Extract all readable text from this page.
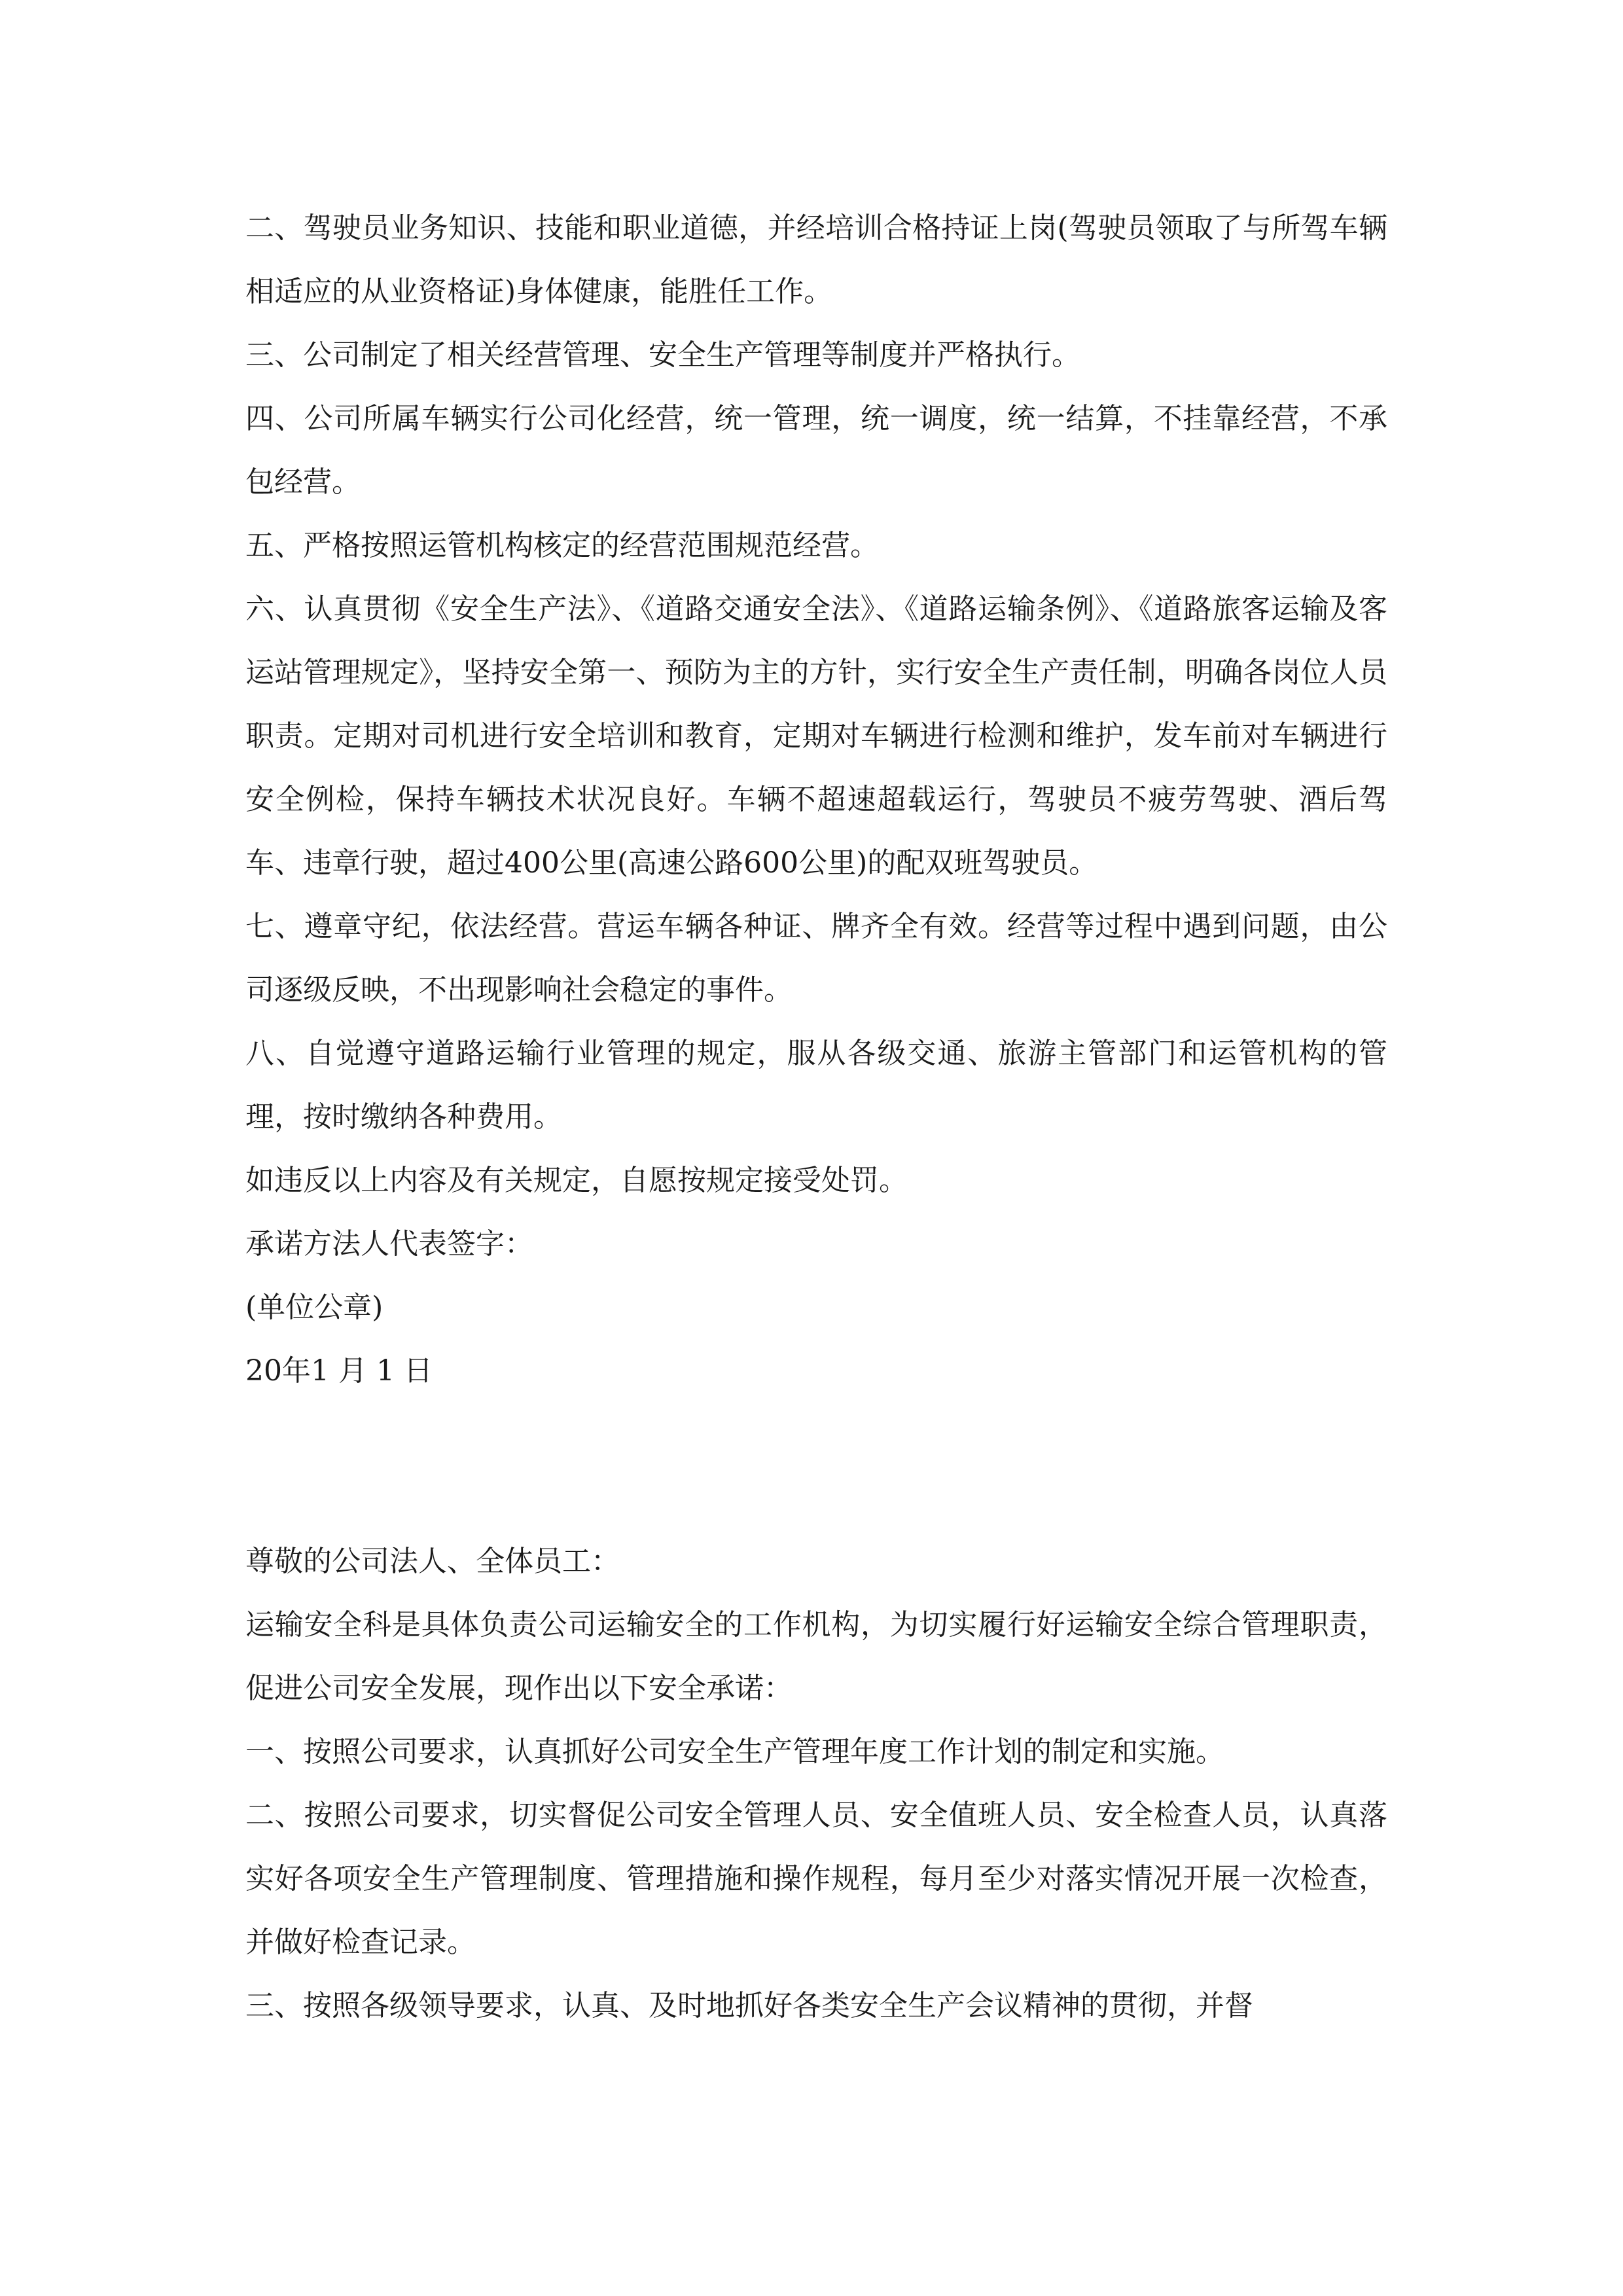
二、驾驶员业务知识、技能和职业道德，并经培训合格持证上岗(驾驶员领取了与所驾车辆相适应的从业资格证)身体健康，能胜任工作。

三、公司制定了相关经营管理、安全生产管理等制度并严格执行。

四、公司所属车辆实行公司化经营，统一管理，统一调度，统一结算，不挂靠经营，不承包经营。

五、严格按照运管机构核定的经营范围规范经营。

六、认真贯彻《安全生产法》、《道路交通安全法》、《道路运输条例》、《道路旅客运输及客运站管理规定》，坚持安全第一、预防为主的方针，实行安全生产责任制，明确各岗位人员职责。定期对司机进行安全培训和教育，定期对车辆进行检测和维护，发车前对车辆进行安全例检，保持车辆技术状况良好。车辆不超速超载运行，驾驶员不疲劳驾驶、酒后驾车、违章行驶，超过400公里(高速公路600公里)的配双班驾驶员。

七、遵章守纪，依法经营。营运车辆各种证、牌齐全有效。经营等过程中遇到问题，由公司逐级反映，不出现影响社会稳定的事件。

八、自觉遵守道路运输行业管理的规定，服从各级交通、旅游主管部门和运管机构的管理，按时缴纳各种费用。

如违反以上内容及有关规定，自愿按规定接受处罚。

承诺方法人代表签字：

(单位公章)

20年1 月 1 日

尊敬的公司法人、全体员工：

运输安全科是具体负责公司运输安全的工作机构，为切实履行好运输安全综合管理职责，促进公司安全发展，现作出以下安全承诺：

一、按照公司要求，认真抓好公司安全生产管理年度工作计划的制定和实施。

二、按照公司要求，切实督促公司安全管理人员、安全值班人员、安全检查人员，认真落实好各项安全生产管理制度、管理措施和操作规程，每月至少对落实情况开展一次检查，并做好检查记录。

三、按照各级领导要求，认真、及时地抓好各类安全生产会议精神的贯彻，并督
